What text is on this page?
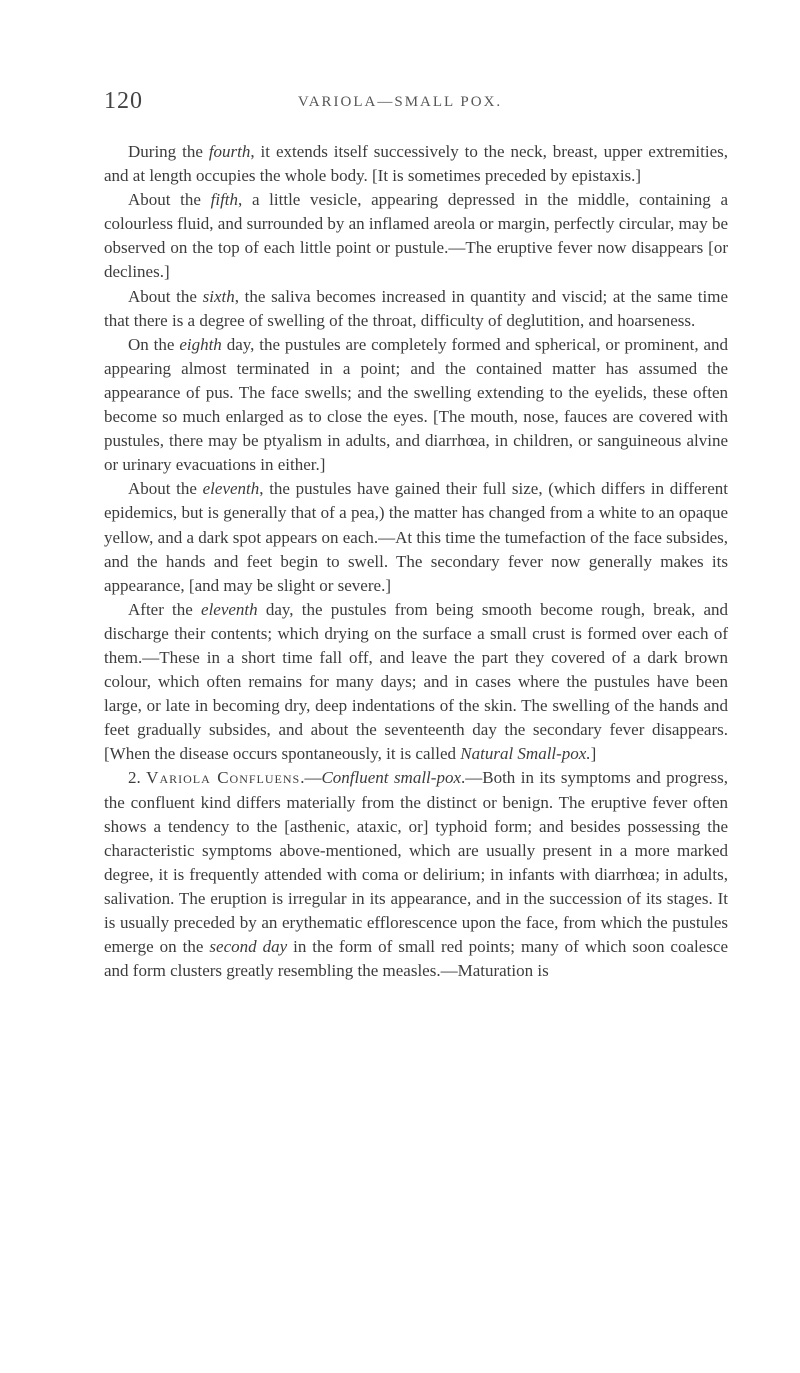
120	VARIOLA—SMALL POX.

During the fourth, it extends itself successively to the neck, breast, upper extremities, and at length occupies the whole body. [It is sometimes preceded by epistaxis.]

About the fifth, a little vesicle, appearing depressed in the middle, containing a colourless fluid, and surrounded by an inflamed areola or margin, perfectly circular, may be observed on the top of each little point or pustule.—The eruptive fever now disappears [or declines.]

About the sixth, the saliva becomes increased in quantity and viscid; at the same time that there is a degree of swelling of the throat, difficulty of deglutition, and hoarseness.

On the eighth day, the pustules are completely formed and spherical, or prominent, and appearing almost terminated in a point; and the contained matter has assumed the appearance of pus. The face swells; and the swelling extending to the eyelids, these often become so much enlarged as to close the eyes. [The mouth, nose, fauces are covered with pustules, there may be ptyalism in adults, and diarrhœa, in children, or sanguineous alvine or urinary evacuations in either.]

About the eleventh, the pustules have gained their full size, (which differs in different epidemics, but is generally that of a pea,) the matter has changed from a white to an opaque yellow, and a dark spot appears on each.—At this time the tumefaction of the face subsides, and the hands and feet begin to swell. The secondary fever now generally makes its appearance, [and may be slight or severe.]

After the eleventh day, the pustules from being smooth become rough, break, and discharge their contents; which drying on the surface a small crust is formed over each of them.—These in a short time fall off, and leave the part they covered of a dark brown colour, which often remains for many days; and in cases where the pustules have been large, or late in becoming dry, deep indentations of the skin. The swelling of the hands and feet gradually subsides, and about the seventeenth day the secondary fever disappears. [When the disease occurs spontaneously, it is called Natural Small-pox.]

2. Variola Confluens.—Confluent small-pox.—Both in its symptoms and progress, the confluent kind differs materially from the distinct or benign. The eruptive fever often shows a tendency to the [asthenic, ataxic, or] typhoid form; and besides possessing the characteristic symptoms above-mentioned, which are usually present in a more marked degree, it is frequently attended with coma or delirium; in infants with diarrhœa; in adults, salivation. The eruption is irregular in its appearance, and in the succession of its stages. It is usually preceded by an erythematic efflorescence upon the face, from which the pustules emerge on the second day in the form of small red points; many of which soon coalesce and form clusters greatly resembling the measles.—Maturation is
